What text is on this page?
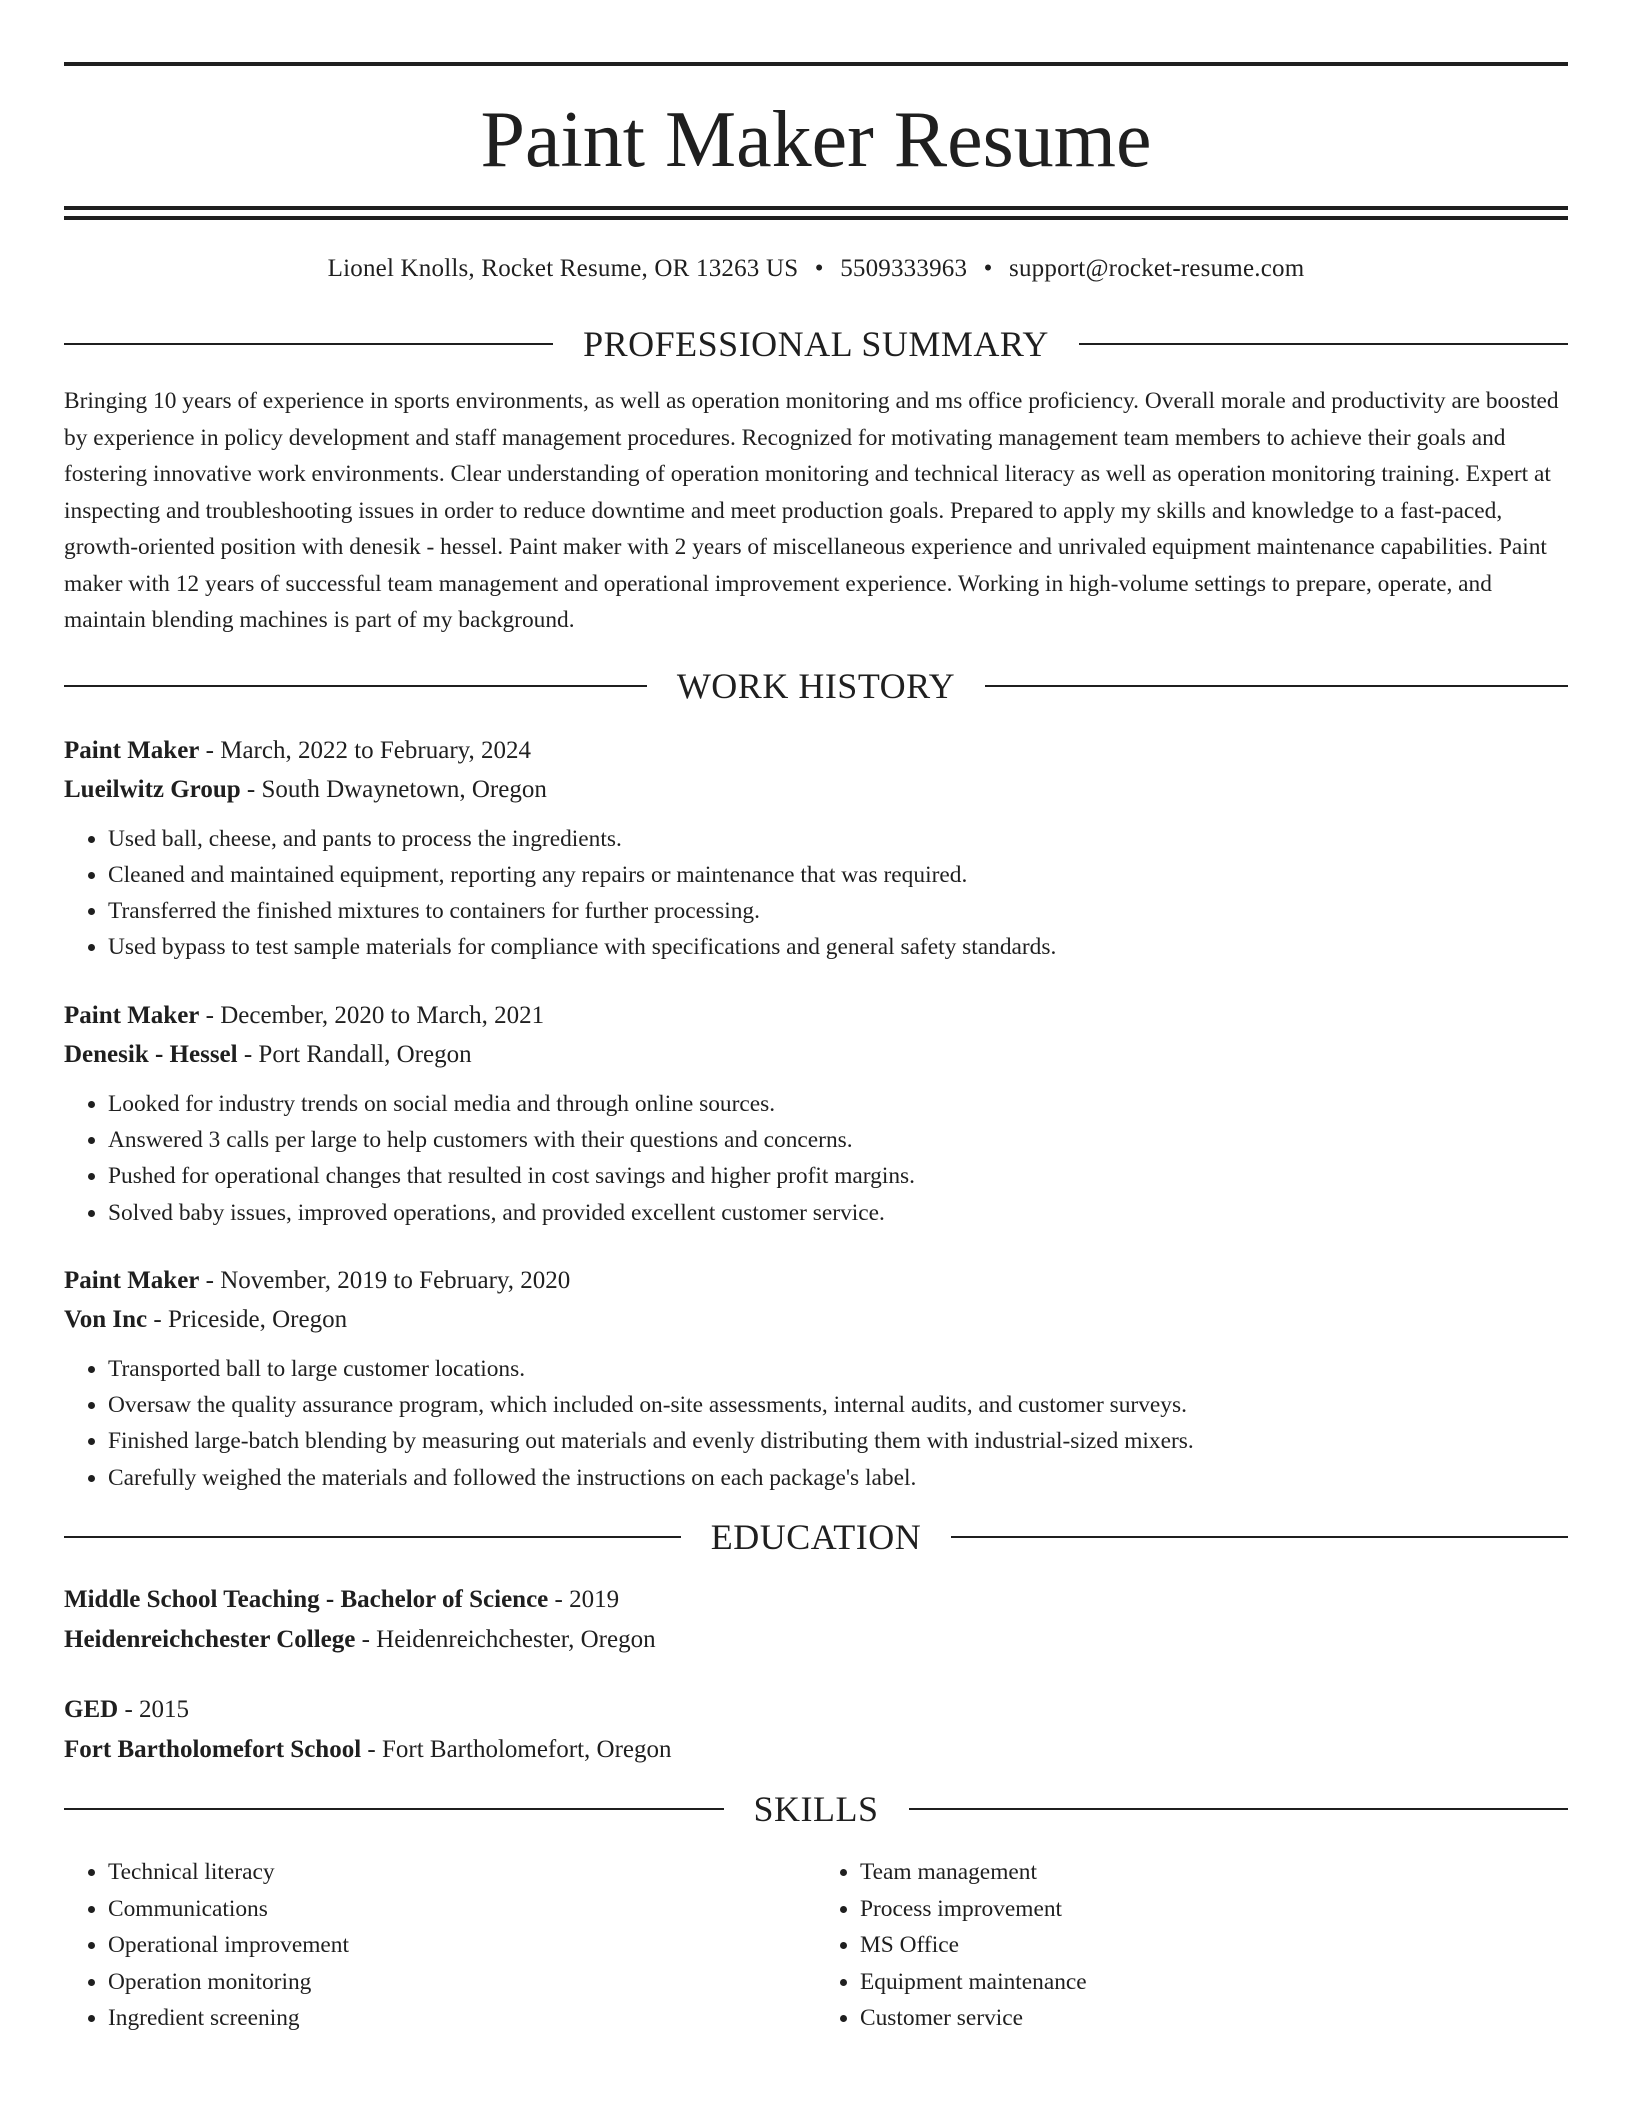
Paint Maker Resume
Lionel Knolls, Rocket Resume, OR 13263 US • 5509333963 • support@rocket-resume.com
PROFESSIONAL SUMMARY

Bringing 10 years of experience in sports environments, as well as operation monitoring and ms office proficiency. Overall morale and productivity are boosted by experience in policy development and staff management procedures. Recognized for motivating management team members to achieve their goals and fostering innovative work environments. Clear understanding of operation monitoring and technical literacy as well as operation monitoring training. Expert at inspecting and troubleshooting issues in order to reduce downtime and meet production goals. Prepared to apply my skills and knowledge to a fast-paced, growth-oriented position with denesik - hessel. Paint maker with 2 years of miscellaneous experience and unrivaled equipment maintenance capabilities. Paint maker with 12 years of successful team management and operational improvement experience. Working in high-volume settings to prepare, operate, and maintain blending machines is part of my background.

WORK HISTORY
Paint Maker - March, 2022 to February, 2024
Lueilwitz Group - South Dwaynetown, Oregon
• Used ball, cheese, and pants to process the ingredients.
• Cleaned and maintained equipment, reporting any repairs or maintenance that was required.
• Transferred the finished mixtures to containers for further processing.
• Used bypass to test sample materials for compliance with specifications and general safety standards.
Paint Maker - December, 2020 to March, 2021
Denesik - Hessel - Port Randall, Oregon
• Looked for industry trends on social media and through online sources.
• Answered 3 calls per large to help customers with their questions and concerns.
• Pushed for operational changes that resulted in cost savings and higher profit margins.
• Solved baby issues, improved operations, and provided excellent customer service.
Paint Maker - November, 2019 to February, 2020
Von Inc - Priceside, Oregon
• Transported ball to large customer locations.
• Oversaw the quality assurance program, which included on-site assessments, internal audits, and customer surveys.
• Finished large-batch blending by measuring out materials and evenly distributing them with industrial-sized mixers.
• Carefully weighed the materials and followed the instructions on each package's label.
EDUCATION
Middle School Teaching - Bachelor of Science - 2019
Heidenreichchester College - Heidenreichchester, Oregon
GED - 2015
Fort Bartholomefort School - Fort Bartholomefort, Oregon
SKILLS
• Technical literacy
• Communications
• Operational improvement
• Operation monitoring
• Ingredient screening
• Team management
• Process improvement
• MS Office
• Equipment maintenance
• Customer service
